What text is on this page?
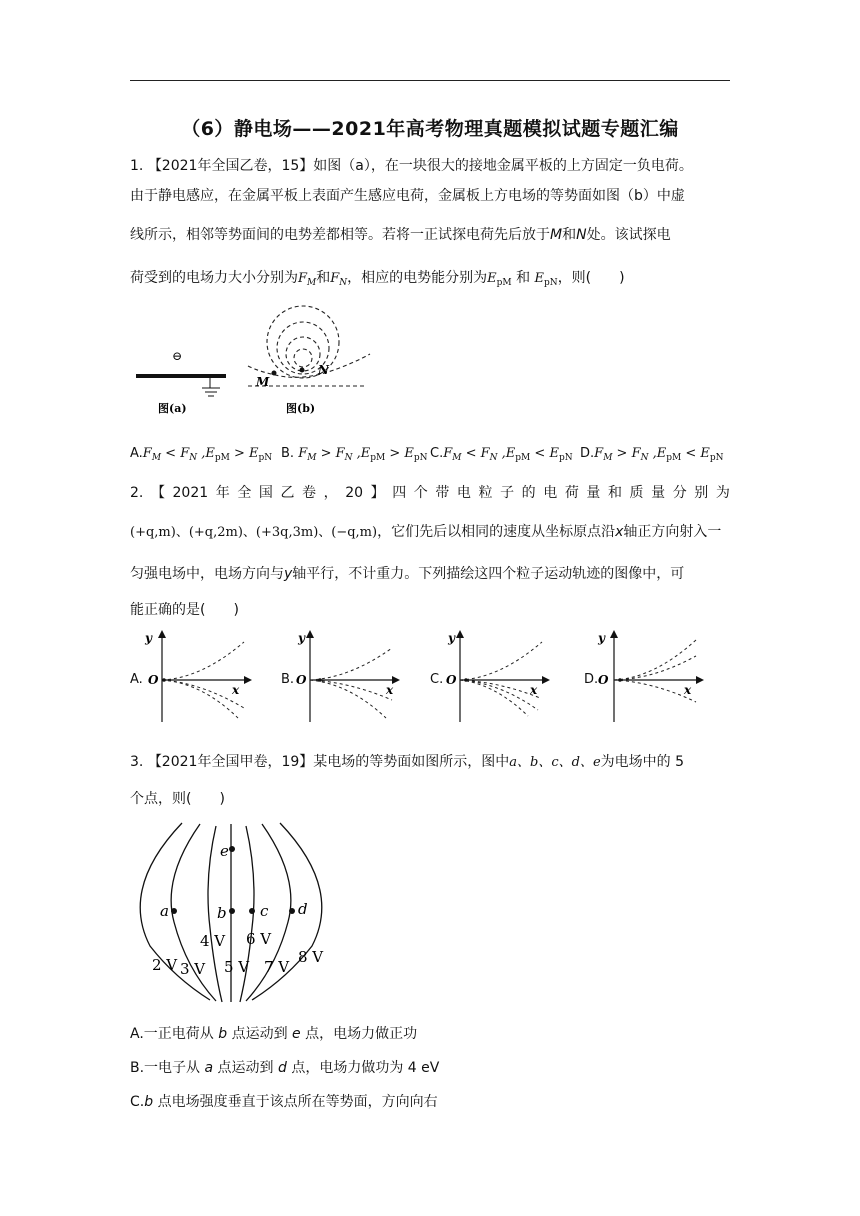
（6）静电场——2021年高考物理真题模拟试题专题汇编
1. 【2021年全国乙卷，15】如图（a），在一块很大的接地金属平板的上方固定一负电荷。
由于静电感应，在金属平板上表面产生感应电荷，金属板上方电场的等势面如图（b）中虚
线所示，相邻等势面间的电势差都相等。若将一正试探电荷先后放于M和N处。该试探电
荷受到的电场力大小分别为$F_M$和$F_N$，相应的电势能分别为$E_{pM}$ 和 $E_{pN}$，则(　　)
⊖
图(a)
M
N
图(b)
$A.F_M < F_N$ $,E_{pM} > E_{pN}$ B. $F_M > F_N$ $,E_{pM} > E_{pN}$ $C.F_M < F_N$ $,E_{pM} < E_{pN}$ $D.F_M > F_N$ $,E_{pM} < E_{pN}$
2. 【 2021 年 全 国 乙 卷 ， 20 】 四 个 带 电 粒 子 的 电 荷 量 和 质 量 分 别 为
(+q,m)、(+q,2m)、(+3q,3m)、(−q,m)，它们先后以相同的速度从坐标原点沿x轴正方向射入一
匀强电场中，电场方向与y轴平行，不计重力。下列描绘这四个粒子运动轨迹的图像中，可
能正确的是(　　)
A.	B.	C.	D.
y
x
O
y
x
O
y
x
O
y
x
O
3. 【2021年全国甲卷，19】某电场的等势面如图所示，图中a、b、c、d、e为电场中的 5
个点，则(　　)
a	b c d
e
2 V 3 V
4 V
5 V
6 V
7 V
8 V
A.一正电荷从 b 点运动到 e 点，电场力做正功
B.一电子从 a 点运动到 d 点，电场力做功为 4 eV
C.b 点电场强度垂直于该点所在等势面，方向向右
